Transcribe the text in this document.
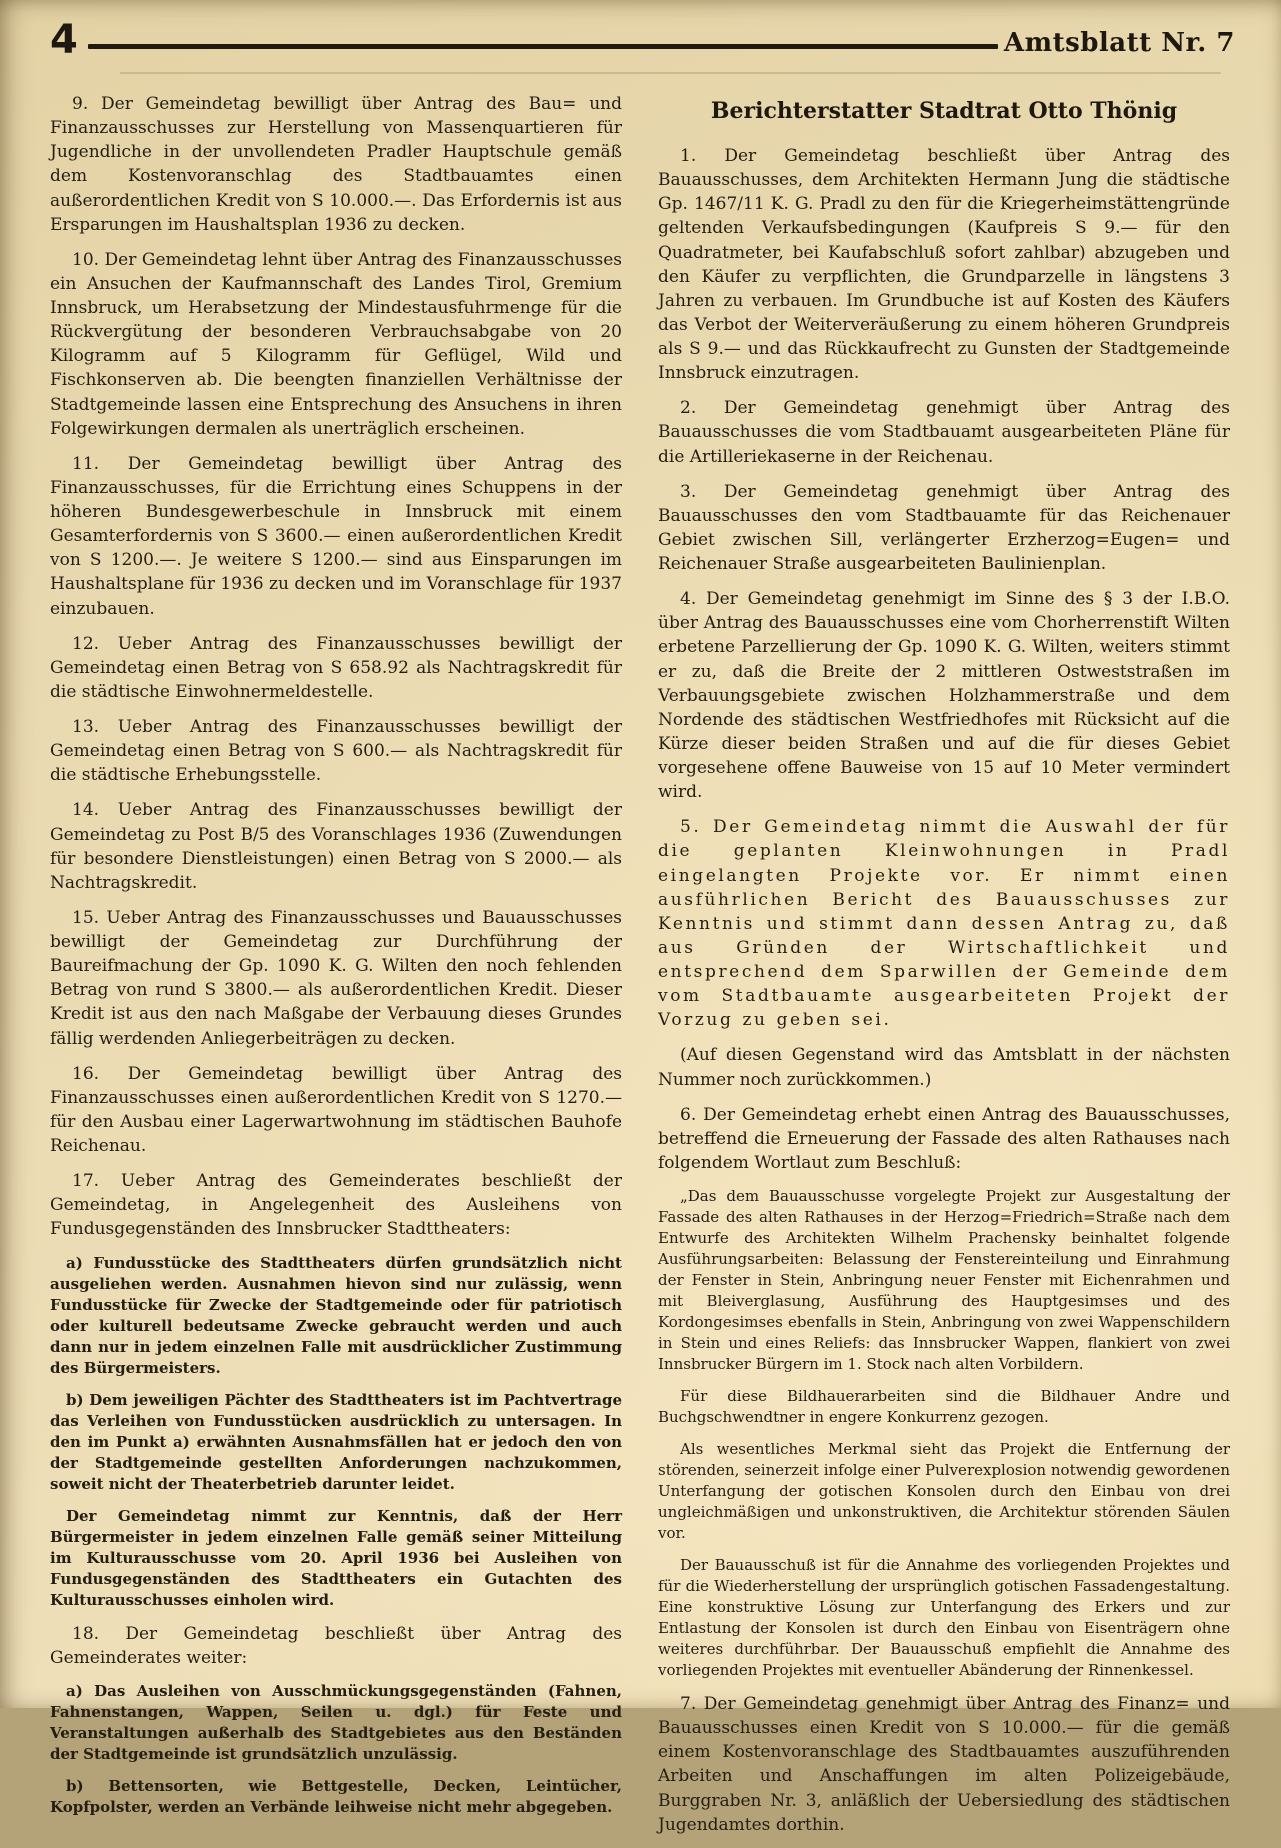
4	Amtsblatt Nr. 7

9. Der Gemeindetag bewilligt über Antrag des Bau= und Finanzausschusses zur Herstellung von Massenquartieren für Jugendliche in der unvollendeten Pradler Hauptschule gemäß dem Kostenvoranschlag des Stadtbauamtes einen außerordentlichen Kredit von S 10.000.—. Das Erfordernis ist aus Ersparungen im Haushaltsplan 1936 zu decken.

10. Der Gemeindetag lehnt über Antrag des Finanzausschusses ein Ansuchen der Kaufmannschaft des Landes Tirol, Gremium Innsbruck, um Herabsetzung der Mindestausfuhrmenge für die Rückvergütung der besonderen Verbrauchsabgabe von 20 Kilogramm auf 5 Kilogramm für Geflügel, Wild und Fischkonserven ab. Die beengten finanziellen Verhältnisse der Stadtgemeinde lassen eine Entsprechung des Ansuchens in ihren Folgewirkungen dermalen als unerträglich erscheinen.

11. Der Gemeindetag bewilligt über Antrag des Finanzausschusses, für die Errichtung eines Schuppens in der höheren Bundesgewerbeschule in Innsbruck mit einem Gesamterfordernis von S 3600.— einen außerordentlichen Kredit von S 1200.—. Je weitere S 1200.— sind aus Einsparungen im Haushaltsplane für 1936 zu decken und im Voranschlage für 1937 einzubauen.

12. Ueber Antrag des Finanzausschusses bewilligt der Gemeindetag einen Betrag von S 658.92 als Nachtragskredit für die städtische Einwohnermeldestelle.

13. Ueber Antrag des Finanzausschusses bewilligt der Gemeindetag einen Betrag von S 600.— als Nachtragskredit für die städtische Erhebungsstelle.

14. Ueber Antrag des Finanzausschusses bewilligt der Gemeindetag zu Post B/5 des Voranschlages 1936 (Zuwendungen für besondere Dienstleistungen) einen Betrag von S 2000.— als Nachtragskredit.

15. Ueber Antrag des Finanzausschusses und Bauausschusses bewilligt der Gemeindetag zur Durchführung der Baureifmachung der Gp. 1090 K. G. Wilten den noch fehlenden Betrag von rund S 3800.— als außerordentlichen Kredit. Dieser Kredit ist aus den nach Maßgabe der Verbauung dieses Grundes fällig werdenden Anliegerbeiträgen zu decken.

16. Der Gemeindetag bewilligt über Antrag des Finanzausschusses einen außerordentlichen Kredit von S 1270.— für den Ausbau einer Lagerwartwohnung im städtischen Bauhofe Reichenau.

17. Ueber Antrag des Gemeinderates beschließt der Gemeindetag, in Angelegenheit des Ausleihens von Fundusgegenständen des Innsbrucker Stadttheaters:

a) Fundusstücke des Stadttheaters dürfen grundsätzlich nicht ausgeliehen werden. Ausnahmen hievon sind nur zulässig, wenn Fundusstücke für Zwecke der Stadtgemeinde oder für patriotisch oder kulturell bedeutsame Zwecke gebraucht werden und auch dann nur in jedem einzelnen Falle mit ausdrücklicher Zustimmung des Bürgermeisters.

b) Dem jeweiligen Pächter des Stadttheaters ist im Pachtvertrage das Verleihen von Fundusstücken ausdrücklich zu untersagen. In den im Punkt a) erwähnten Ausnahmsfällen hat er jedoch den von der Stadtgemeinde gestellten Anforderungen nachzukommen, soweit nicht der Theaterbetrieb darunter leidet.

Der Gemeindetag nimmt zur Kenntnis, daß der Herr Bürgermeister in jedem einzelnen Falle gemäß seiner Mitteilung im Kulturausschusse vom 20. April 1936 bei Ausleihen von Fundusgegenständen des Stadttheaters ein Gutachten des Kulturausschusses einholen wird.

18. Der Gemeindetag beschließt über Antrag des Gemeinderates weiter:

a) Das Ausleihen von Ausschmückungsgegenständen (Fahnen, Fahnenstangen, Wappen, Seilen u. dgl.) für Feste und Veranstaltungen außerhalb des Stadtgebietes aus den Beständen der Stadtgemeinde ist grundsätzlich unzulässig.

b) Bettensorten, wie Bettgestelle, Decken, Leintücher, Kopfpolster, werden an Verbände leihweise nicht mehr abgegeben.

Berichterstatter Stadtrat Otto Thönig

1. Der Gemeindetag beschließt über Antrag des Bauausschusses, dem Architekten Hermann Jung die städtische Gp. 1467/11 K. G. Pradl zu den für die Kriegerheimstättengründe geltenden Verkaufsbedingungen (Kaufpreis S 9.— für den Quadratmeter, bei Kaufabschluß sofort zahlbar) abzugeben und den Käufer zu verpflichten, die Grundparzelle in längstens 3 Jahren zu verbauen. Im Grundbuche ist auf Kosten des Käufers das Verbot der Weiterveräußerung zu einem höheren Grundpreis als S 9.— und das Rückkaufrecht zu Gunsten der Stadtgemeinde Innsbruck einzutragen.

2. Der Gemeindetag genehmigt über Antrag des Bauausschusses die vom Stadtbauamt ausgearbeiteten Pläne für die Artilleriekaserne in der Reichenau.

3. Der Gemeindetag genehmigt über Antrag des Bauausschusses den vom Stadtbauamte für das Reichenauer Gebiet zwischen Sill, verlängerter Erzherzog=Eugen= und Reichenauer Straße ausgearbeiteten Baulinienplan.

4. Der Gemeindetag genehmigt im Sinne des § 3 der I.B.O. über Antrag des Bauausschusses eine vom Chorherrenstift Wilten erbetene Parzellierung der Gp. 1090 K. G. Wilten, weiters stimmt er zu, daß die Breite der 2 mittleren Ostweststraßen im Verbauungsgebiete zwischen Holzhammerstraße und dem Nordende des städtischen Westfriedhofes mit Rücksicht auf die Kürze dieser beiden Straßen und auf die für dieses Gebiet vorgesehene offene Bauweise von 15 auf 10 Meter vermindert wird.

5. Der Gemeindetag nimmt die Auswahl der für die geplanten Kleinwohnungen in Pradl eingelangten Projekte vor. Er nimmt einen ausführlichen Bericht des Bauausschusses zur Kenntnis und stimmt dann dessen Antrag zu, daß aus Gründen der Wirtschaftlichkeit und entsprechend dem Sparwillen der Gemeinde dem vom Stadtbauamte ausgearbeiteten Projekt der Vorzug zu geben sei.

(Auf diesen Gegenstand wird das Amtsblatt in der nächsten Nummer noch zurückkommen.)

6. Der Gemeindetag erhebt einen Antrag des Bauausschusses, betreffend die Erneuerung der Fassade des alten Rathauses nach folgendem Wortlaut zum Beschluß:

„Das dem Bauausschusse vorgelegte Projekt zur Ausgestaltung der Fassade des alten Rathauses in der Herzog=Friedrich=Straße nach dem Entwurfe des Architekten Wilhelm Prachensky beinhaltet folgende Ausführungsarbeiten: Belassung der Fenstereinteilung und Einrahmung der Fenster in Stein, Anbringung neuer Fenster mit Eichenrahmen und mit Bleiverglasung, Ausführung des Hauptgesimses und des Kordongesimses ebenfalls in Stein, Anbringung von zwei Wappenschildern in Stein und eines Reliefs: das Innsbrucker Wappen, flankiert von zwei Innsbrucker Bürgern im 1. Stock nach alten Vorbildern.

Für diese Bildhauerarbeiten sind die Bildhauer Andre und Buchgschwendtner in engere Konkurrenz gezogen.

Als wesentliches Merkmal sieht das Projekt die Entfernung der störenden, seinerzeit infolge einer Pulverexplosion notwendig gewordenen Unterfangung der gotischen Konsolen durch den Einbau von drei ungleichmäßigen und unkonstruktiven, die Architektur störenden Säulen vor.

Der Bauausschuß ist für die Annahme des vorliegenden Projektes und für die Wiederherstellung der ursprünglich gotischen Fassadengestaltung. Eine konstruktive Lösung zur Unterfangung des Erkers und zur Entlastung der Konsolen ist durch den Einbau von Eisenträgern ohne weiteres durchführbar. Der Bauausschuß empfiehlt die Annahme des vorliegenden Projektes mit eventueller Abänderung der Rinnenkessel.

7. Der Gemeindetag genehmigt über Antrag des Finanz= und Bauausschusses einen Kredit von S 10.000.— für die gemäß einem Kostenvoranschlage des Stadtbauamtes auszuführenden Arbeiten und Anschaffungen im alten Polizeigebäude, Burggraben Nr. 3, anläßlich der Uebersiedlung des städtischen Jugendamtes dorthin.
